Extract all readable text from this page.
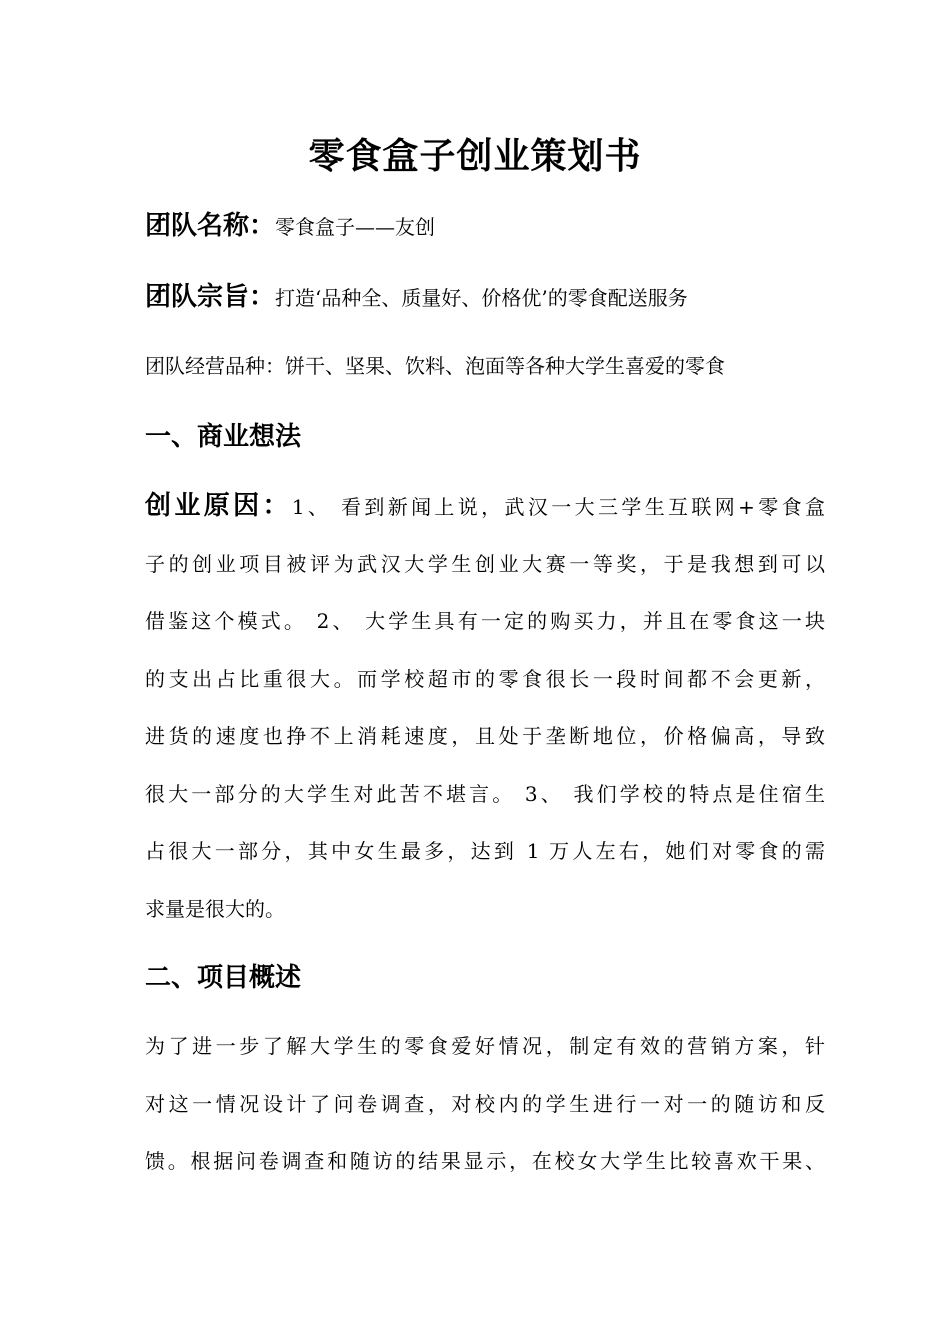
零食盒子创业策划书
团队名称：零食盒子——友创
团队宗旨：打造‘品种全、质量好、价格优’的零食配送服务
团队经营品种：饼干、坚果、饮料、泡面等各种大学生喜爱的零食
一、商业想法
创业原因：1、 看到新闻上说，武汉一大三学生互联网+零食盒
子的创业项目被评为武汉大学生创业大赛一等奖，于是我想到可以
借鉴这个模式。 2、 大学生具有一定的购买力，并且在零食这一块
的支出占比重很大。而学校超市的零食很长一段时间都不会更新，
进货的速度也挣不上消耗速度，且处于垄断地位，价格偏高，导致
很大一部分的大学生对此苦不堪言。 3、 我们学校的特点是住宿生
占很大一部分，其中女生最多，达到 1 万人左右，她们对零食的需
求量是很大的。
二、项目概述
为了进一步了解大学生的零食爱好情况，制定有效的营销方案，针
对这一情况设计了问卷调查，对校内的学生进行一对一的随访和反
馈。根据问卷调查和随访的结果显示，在校女大学生比较喜欢干果、
